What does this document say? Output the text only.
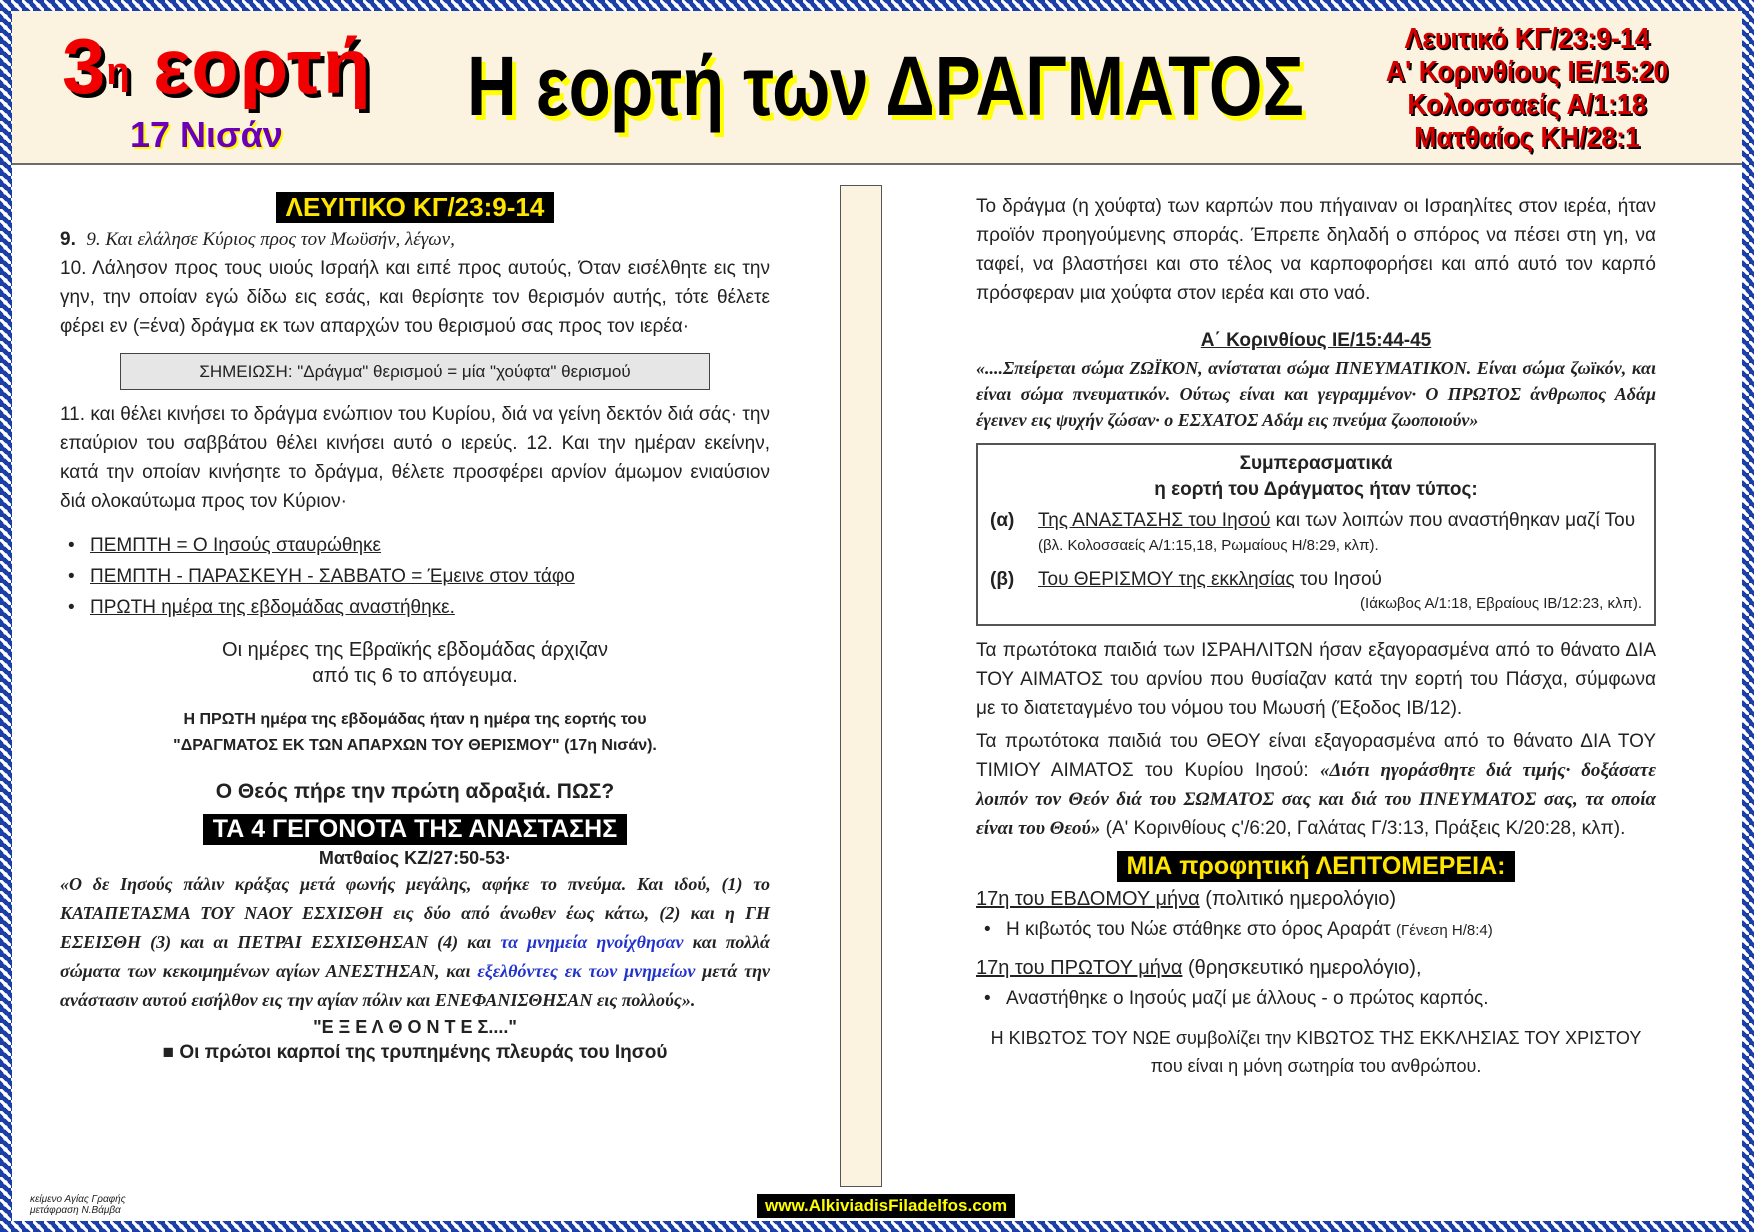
3η εορτή
17 Νισάν
Η εορτή των ΔΡΑΓΜΑΤΟΣ	Λευιτικό ΚΓ/23:9-14
Α' Κορινθίους ΙΕ/15:20
Κολοσσαείς Α/1:18
Ματθαίος ΚΗ/28:1
ΛΕΥΙΤΙΚΟ ΚΓ/23:9-14

9. 9. Και ελάλησε Κύριος προς τον Μωϋσήν, λέγων,

10. Λάλησον προς τους υιούς Ισραήλ και ειπέ προς αυτούς, Όταν εισέλθητε εις την γην, την οποίαν εγώ δίδω εις εσάς, και θερίσητε τον θερισμόν αυτής, τότε θέλετε φέρει εν (=ένα) δράγμα εκ των απαρχών του θερισμού σας προς τον ιερέα·

ΣΗΜΕΙΩΣΗ: "Δράγμα" θερισμού = μία "χούφτα" θερισμού

11. και θέλει κινήσει το δράγμα ενώπιον του Κυρίου, διά να γείνη δεκτόν διά σάς· την επαύριον του σαββάτου θέλει κινήσει αυτό ο ιερεύς. 12. Και την ημέραν εκείνην, κατά την οποίαν κινήσητε το δράγμα, θέλετε προσφέρει αρνίον άμωμον ενιαύσιον διά ολοκαύτωμα προς τον Κύριον·

• ΠΕΜΠΤΗ = Ο Ιησούς σταυρώθηκε
• ΠΕΜΠΤΗ - ΠΑΡΑΣΚΕΥΗ - ΣΑΒΒΑΤΟ = Έμεινε στον τάφο
• ΠΡΩΤΗ ημέρα της εβδομάδας αναστήθηκε.
Οι ημέρες της Εβραϊκής εβδομάδας άρχιζαν
από τις 6 το απόγευμα.
Η ΠΡΩΤΗ ημέρα της εβδομάδας ήταν η ημέρα της εορτής του
"ΔΡΑΓΜΑΤΟΣ ΕΚ ΤΩΝ ΑΠΑΡΧΩΝ ΤΟΥ ΘΕΡΙΣΜΟΥ" (17η Νισάν).
Ο Θεός πήρε την πρώτη αδραξιά. ΠΩΣ?
ΤΑ 4 ΓΕΓΟΝΟΤΑ ΤΗΣ ΑΝΑΣΤΑΣΗΣ
Ματθαίος ΚΖ/27:50-53·

«Ο δε Ιησούς πάλιν κράξας μετά φωνής μεγάλης, αφήκε το πνεύμα. Και ιδού, (1) το ΚΑΤΑΠΕΤΑΣΜΑ ΤΟΥ ΝΑΟΥ ΕΣΧΙΣΘΗ εις δύο από άνωθεν έως κάτω, (2) και η ΓΗ ΕΣΕΙΣΘΗ (3) και αι ΠΕΤΡΑΙ ΕΣΧΙΣΘΗΣΑΝ (4) και τα μνημεία ηνοίχθησαν και πολλά σώματα των κεκοιμημένων αγίων ΑΝΕΣΤΗΣΑΝ, και εξελθόντες εκ των μνημείων μετά την ανάστασιν αυτού εισήλθον εις την αγίαν πόλιν και ΕΝΕΦΑΝΙΣΘΗΣΑΝ εις πολλούς».

"Ε Ξ Ε Λ Θ Ο Ν Τ Ε Σ...."
■ Οι πρώτοι καρποί της τρυπημένης πλευράς του Ιησού

Το δράγμα (η χούφτα) των καρπών που πήγαιναν οι Ισραηλίτες στον ιερέα, ήταν προϊόν προηγούμενης σποράς. Έπρεπε δηλαδή ο σπόρος να πέσει στη γη, να ταφεί, να βλαστήσει και στο τέλος να καρποφορήσει και από αυτό τον καρπό πρόσφεραν μια χούφτα στον ιερέα και στο ναό.

Α΄ Κορινθίους ΙΕ/15:44-45

«....Σπείρεται σώμα ΖΩΪΚΟΝ, ανίσταται σώμα ΠΝΕΥΜΑΤΙΚΟΝ. Είναι σώμα ζωϊκόν, και είναι σώμα πνευματικόν. Ούτως είναι και γεγραμμένον· Ο ΠΡΩΤΟΣ άνθρωπος Αδάμ έγεινεν εις ψυχήν ζώσαν· ο ΕΣΧΑΤΟΣ Αδάμ εις πνεύμα ζωοποιούν»

Συμπερασματικά
η εορτή του Δράγματος ήταν τύπος:
(α)	Της ΑΝΑΣΤΑΣΗΣ του Ιησού και των λοιπών που αναστήθηκαν μαζί Του (βλ. Κολοσσαείς Α/1:15,18, Ρωμαίους Η/8:29, κλπ).
(β)	Του ΘΕΡΙΣΜΟΥ της εκκλησίας του Ιησού
(Ιάκωβος Α/1:18, Εβραίους ΙΒ/12:23, κλπ).

Τα πρωτότοκα παιδιά των ΙΣΡΑΗΛΙΤΩΝ ήσαν εξαγορασμένα από το θάνατο ΔΙΑ ΤΟΥ ΑΙΜΑΤΟΣ του αρνίου που θυσίαζαν κατά την εορτή του Πάσχα, σύμφωνα με το διατεταγμένο του νόμου του Μωυσή (Έξοδος ΙΒ/12).

Τα πρωτότοκα παιδιά του ΘΕΟΥ είναι εξαγορασμένα από το θάνατο ΔΙΑ ΤΟΥ ΤΙΜΙΟΥ ΑΙΜΑΤΟΣ του Κυρίου Ιησού: «Διότι ηγοράσθητε διά τιμής· δοξάσατε λοιπόν τον Θεόν διά του ΣΩΜΑΤΟΣ σας και διά του ΠΝΕΥΜΑΤΟΣ σας, τα οποία είναι του Θεού» (Α' Κορινθίους ς'/6:20, Γαλάτας Γ/3:13, Πράξεις Κ/20:28, κλπ).

ΜΙΑ προφητική ΛΕΠΤΟΜΕΡΕΙΑ:
17η του ΕΒΔΟΜΟΥ μήνα (πολιτικό ημερολόγιο)
• Η κιβωτός του Νώε στάθηκε στο όρος Αραράτ (Γένεση Η/8:4)
17η του ΠΡΩΤΟΥ μήνα (θρησκευτικό ημερολόγιο),
• Αναστήθηκε ο Ιησούς μαζί με άλλους - ο πρώτος καρπός.

Η ΚΙΒΩΤΟΣ ΤΟΥ ΝΩΕ συμβολίζει την ΚΙΒΩΤΟΣ ΤΗΣ ΕΚΚΛΗΣΙΑΣ ΤΟΥ ΧΡΙΣΤΟΥ που είναι η μόνη σωτηρία του ανθρώπου.

κείμενο Αγίας Γραφής
μετάφραση Ν.Βάμβα	www.AlkiviadisFiladelfos.com
